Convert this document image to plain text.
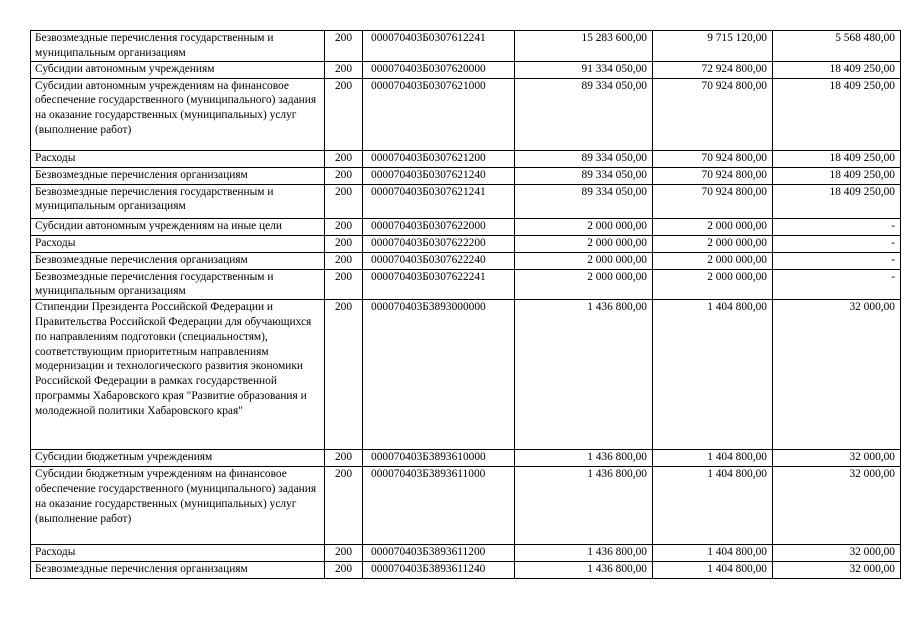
Безвозмездные перечисления государственным и муниципальным организациям	200	000070403Б0307612241	15 283 600,00	9 715 120,00	5 568 480,00
Субсидии автономным учреждениям	200	000070403Б0307620000	91 334 050,00	72 924 800,00	18 409 250,00
Субсидии автономным учреждениям на финансовое обеспечение государственного (муниципального) задания на оказание государственных (муниципальных) услуг (выполнение работ)	200	000070403Б0307621000	89 334 050,00	70 924 800,00	18 409 250,00
Расходы	200	000070403Б0307621200	89 334 050,00	70 924 800,00	18 409 250,00
Безвозмездные перечисления организациям	200	000070403Б0307621240	89 334 050,00	70 924 800,00	18 409 250,00
Безвозмездные перечисления государственным и муниципальным организациям	200	000070403Б0307621241	89 334 050,00	70 924 800,00	18 409 250,00
Субсидии автономным учреждениям на иные цели	200	000070403Б0307622000	2 000 000,00	2 000 000,00	-
Расходы	200	000070403Б0307622200	2 000 000,00	2 000 000,00	-
Безвозмездные перечисления организациям	200	000070403Б0307622240	2 000 000,00	2 000 000,00	-
Безвозмездные перечисления государственным и муниципальным организациям	200	000070403Б0307622241	2 000 000,00	2 000 000,00	-
Стипендии Президента Российской Федерации и Правительства Российской Федерации для обучающихся по направлениям подготовки (специальностям), соответствующим приоритетным направлениям модернизации и технологического развития экономики Российской Федерации в рамках государственной программы Хабаровского края "Развитие образования и молодежной политики Хабаровского края"	200	000070403Б3893000000	1 436 800,00	1 404 800,00	32 000,00
Субсидии бюджетным учреждениям	200	000070403Б3893610000	1 436 800,00	1 404 800,00	32 000,00
Субсидии бюджетным учреждениям на финансовое обеспечение государственного (муниципального) задания на оказание государственных (муниципальных) услуг (выполнение работ)	200	000070403Б3893611000	1 436 800,00	1 404 800,00	32 000,00
Расходы	200	000070403Б3893611200	1 436 800,00	1 404 800,00	32 000,00
Безвозмездные перечисления организациям	200	000070403Б3893611240	1 436 800,00	1 404 800,00	32 000,00
